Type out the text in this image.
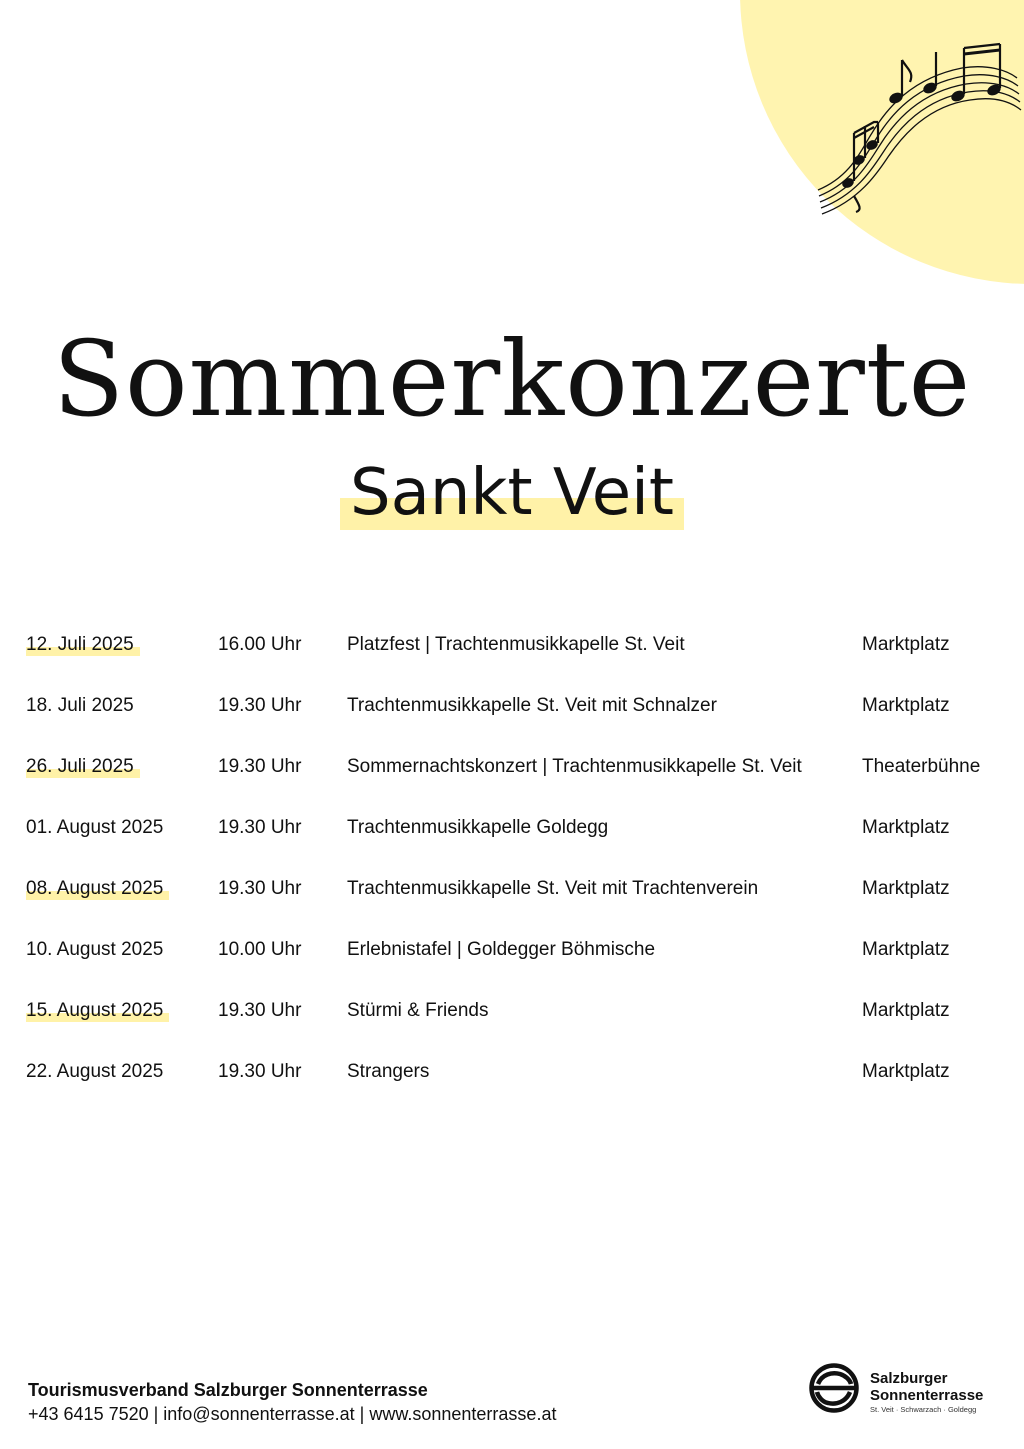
Sommerkonzerte
Sankt Veit
12. Juli 2025	16.00 Uhr Platzfest | Trachtenmusikkapelle St. Veit	Marktplatz
18. Juli 2025	19.30 Uhr Trachtenmusikkapelle St. Veit mit Schnalzer	Marktplatz
26. Juli 2025	19.30 Uhr Sommernachtskonzert | Trachtenmusikkapelle St. Veit	Theaterbühne
01. August 2025	19.30 Uhr Trachtenmusikkapelle Goldegg	Marktplatz
08. August 2025	19.30 Uhr Trachtenmusikkapelle St. Veit mit Trachtenverein	Marktplatz
10. August 2025	10.00 Uhr Erlebnistafel | Goldegger Böhmische	Marktplatz
15. August 2025	19.30 Uhr Stürmi & Friends	Marktplatz
22. August 2025	19.30 Uhr Strangers	Marktplatz
Tourismusverband Salzburger Sonnenterrasse
+43 6415 7520 | info@sonnenterrasse.at | www.sonnenterrasse.at
Salzburger
Sonnenterrasse
St. Veit · Schwarzach · Goldegg
